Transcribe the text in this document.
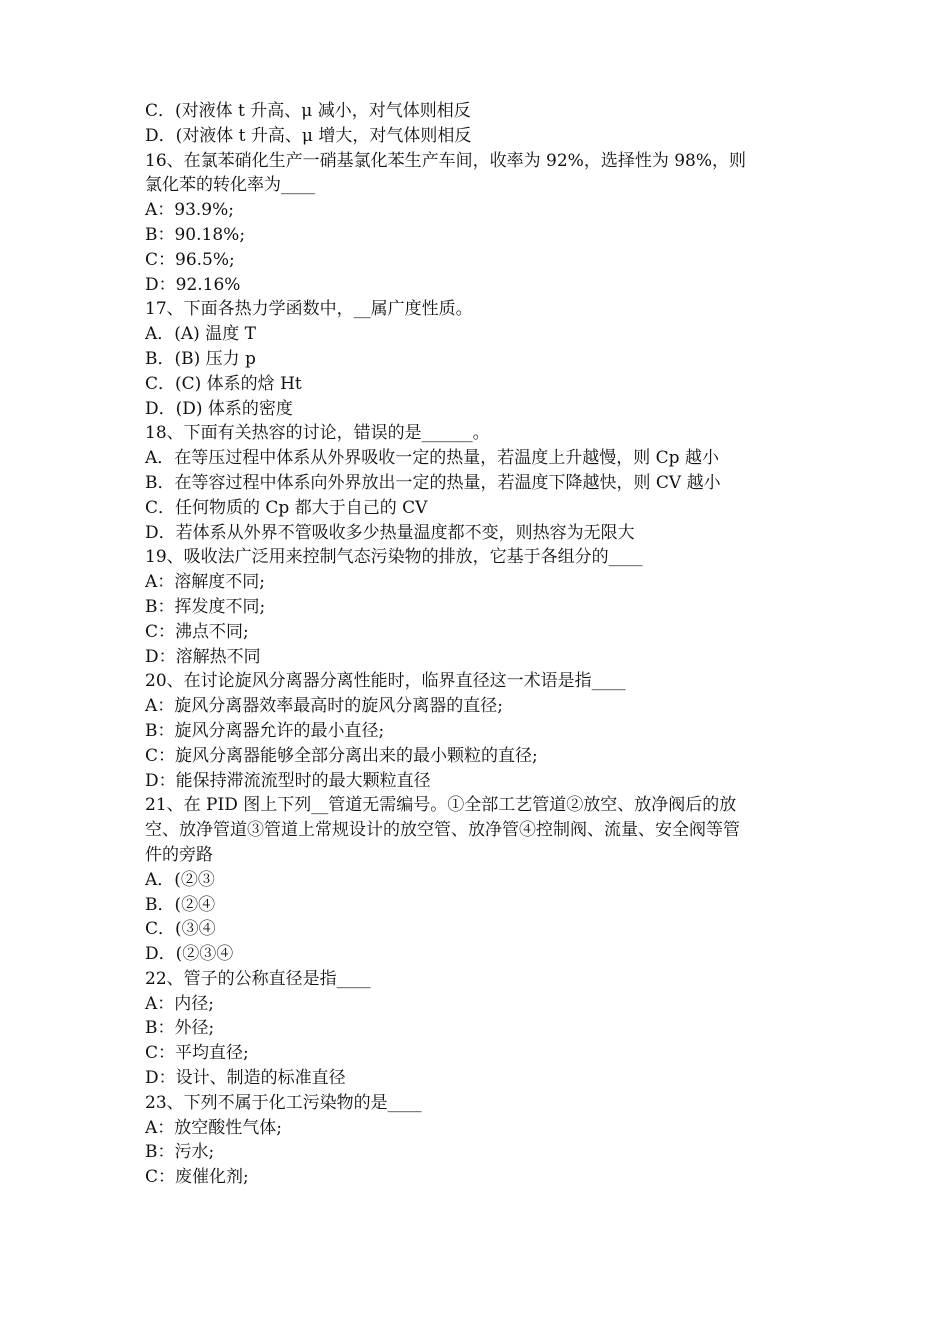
C．(对液体 t 升高、μ 减小，对气体则相反
D．(对液体 t 升高、μ 增大，对气体则相反
16、在氯苯硝化生产一硝基氯化苯生产车间，收率为 92%，选择性为 98%，则
氯化苯的转化率为____
A：93.9%;
B：90.18%;
C：96.5%;
D：92.16%
17、下面各热力学函数中，__属广度性质。
A．(A) 温度 T
B．(B) 压力 p
C．(C) 体系的焓 Ht
D．(D) 体系的密度
18、下面有关热容的讨论，错误的是______。
A．在等压过程中体系从外界吸收一定的热量，若温度上升越慢，则 Cp 越小
B．在等容过程中体系向外界放出一定的热量，若温度下降越快，则 CV 越小
C．任何物质的 Cp 都大于自己的 CV
D．若体系从外界不管吸收多少热量温度都不变，则热容为无限大
19、吸收法广泛用来控制气态污染物的排放，它基于各组分的____
A：溶解度不同;
B：挥发度不同;
C：沸点不同;
D：溶解热不同
20、在讨论旋风分离器分离性能时，临界直径这一术语是指____
A：旋风分离器效率最高时的旋风分离器的直径;
B：旋风分离器允许的最小直径;
C：旋风分离器能够全部分离出来的最小颗粒的直径;
D：能保持滞流流型时的最大颗粒直径
21、在 PID 图上下列__管道无需编号。①全部工艺管道②放空、放净阀后的放
空、放净管道③管道上常规设计的放空管、放净管④控制阀、流量、安全阀等管
件的旁路
A．(②③
B．(②④
C．(③④
D．(②③④
22、管子的公称直径是指____
A：内径;
B：外径;
C：平均直径;
D：设计、制造的标准直径
23、下列不属于化工污染物的是____
A：放空酸性气体;
B：污水;
C：废催化剂;
